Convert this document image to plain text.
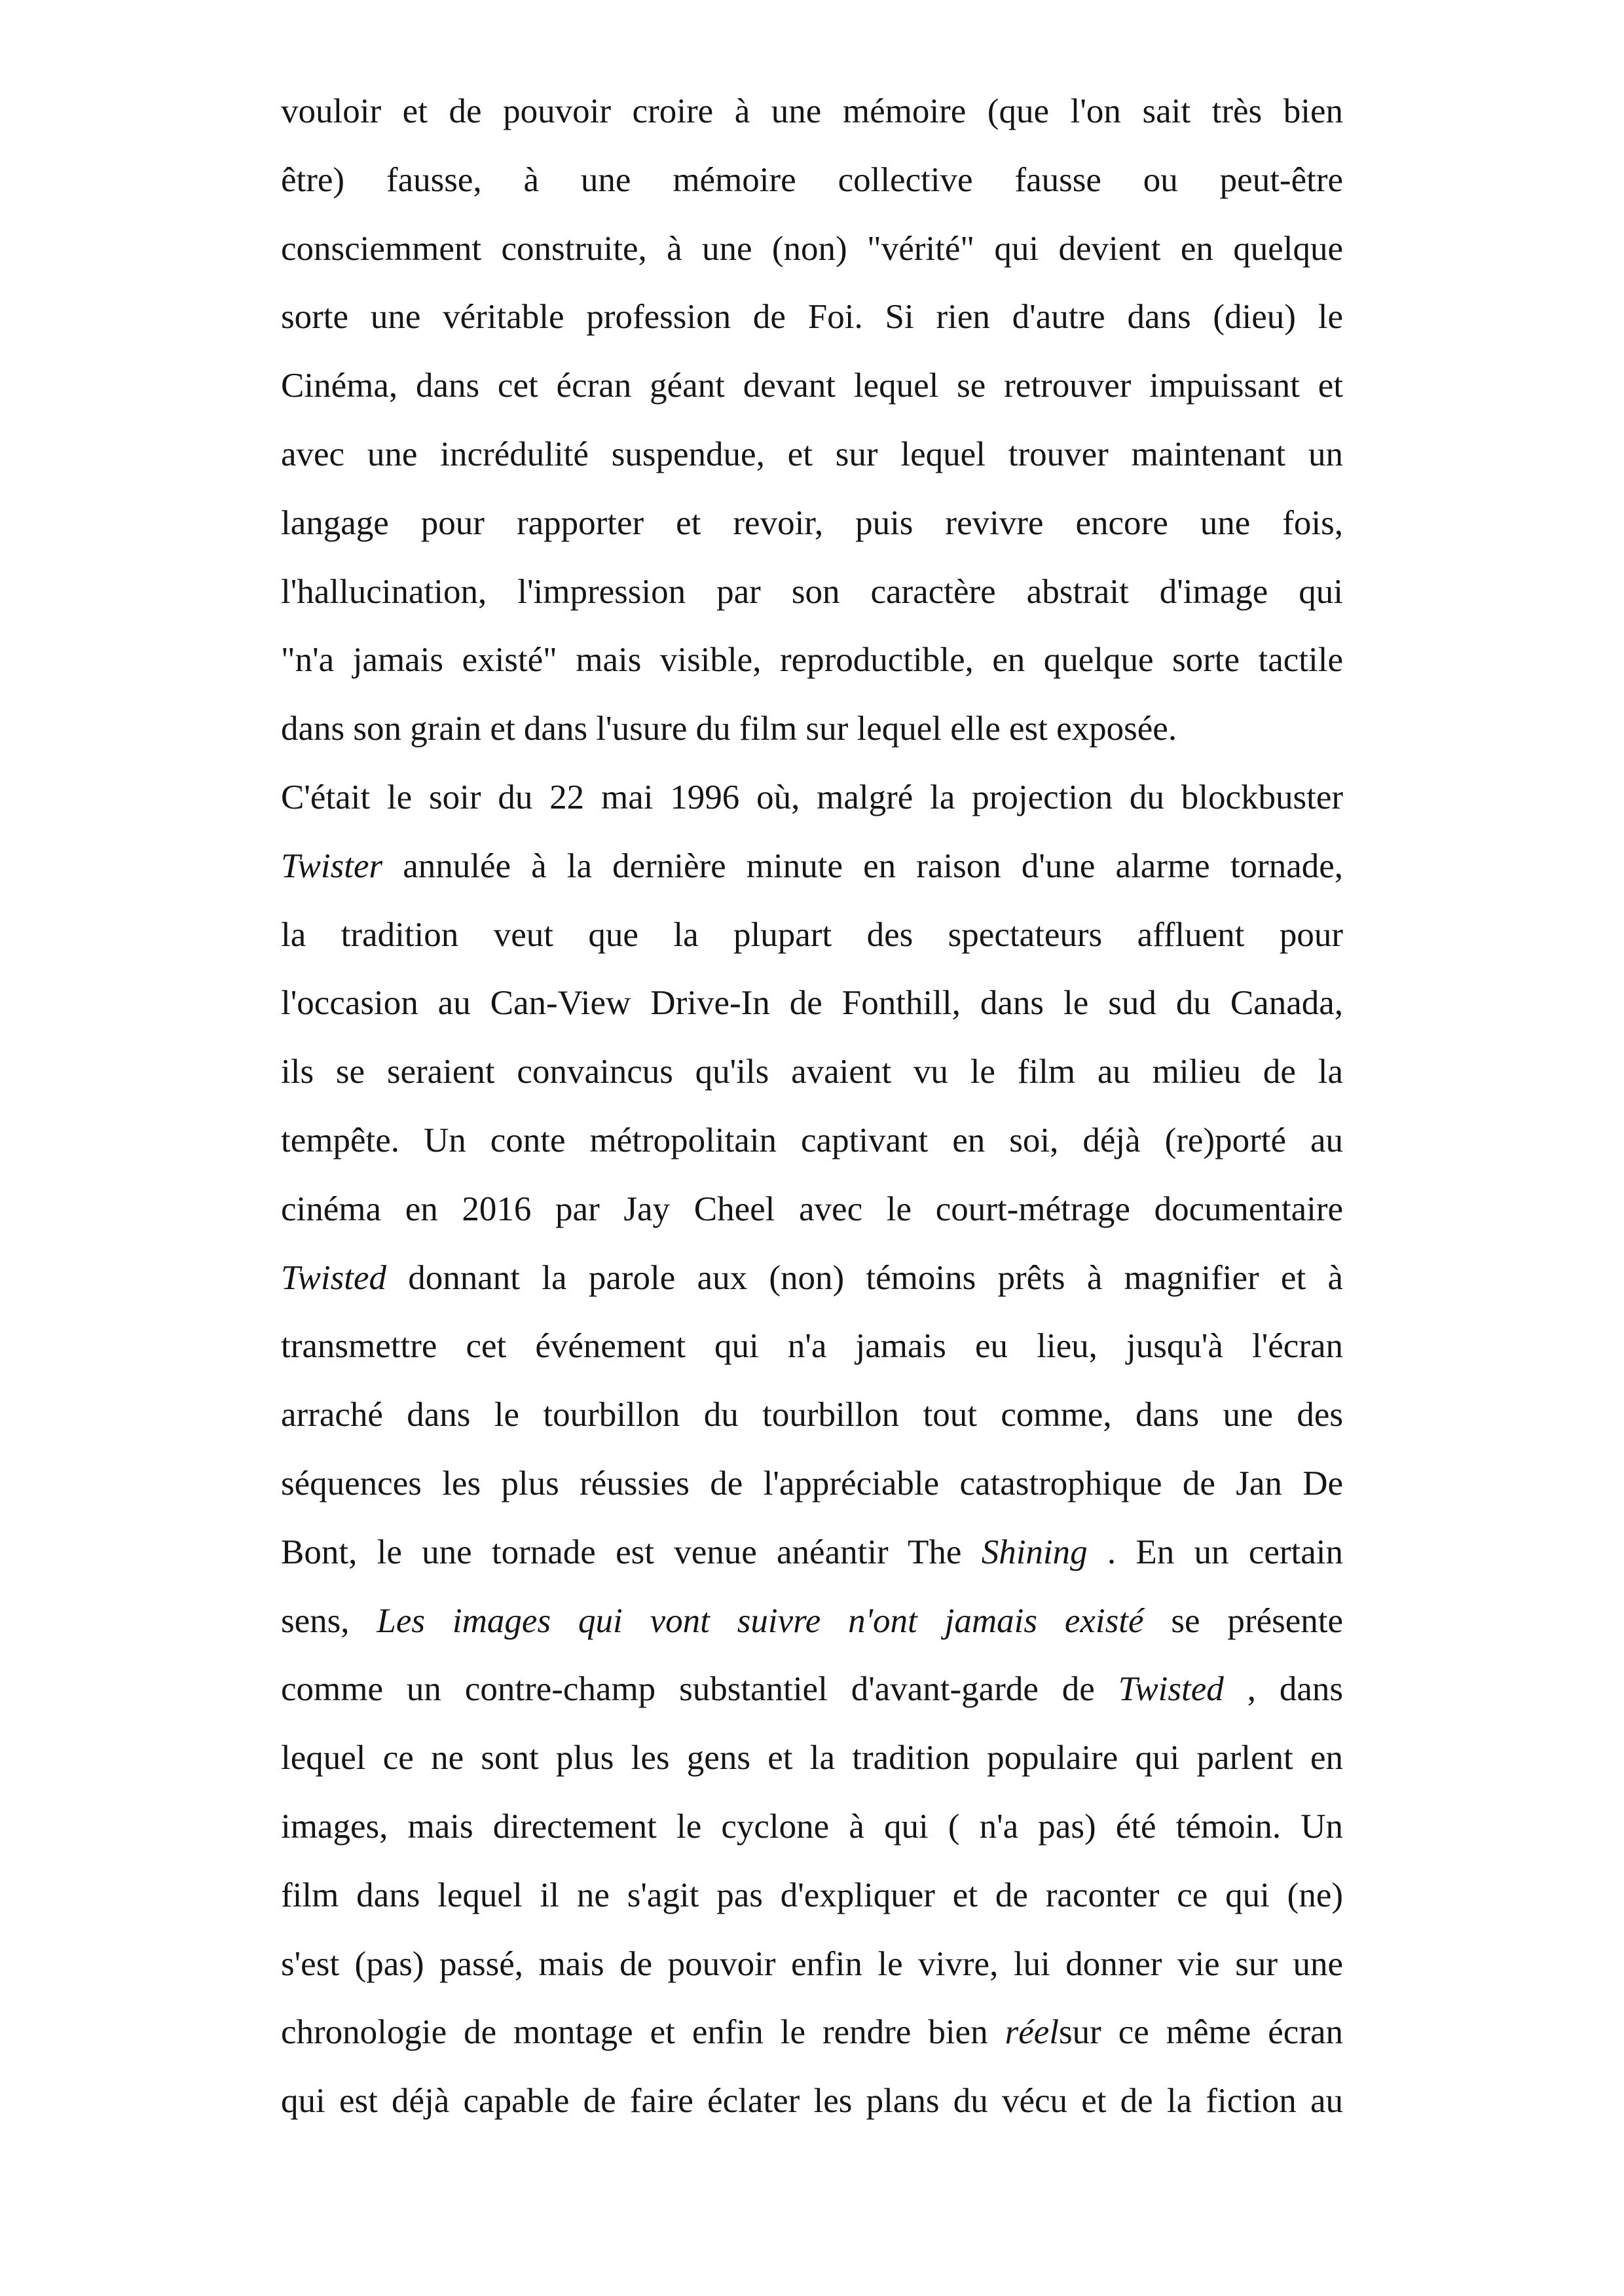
vouloir et de pouvoir croire à une mémoire (que l'on sait très bien
être) fausse, à une mémoire collective fausse ou peut-être
consciemment construite, à une (non) "vérité" qui devient en quelque
sorte une véritable profession de Foi. Si rien d'autre dans (dieu) le
Cinéma, dans cet écran géant devant lequel se retrouver impuissant et
avec une incrédulité suspendue, et sur lequel trouver maintenant un
langage pour rapporter et revoir, puis revivre encore une fois,
l'hallucination, l'impression par son caractère abstrait d'image qui
"n'a jamais existé" mais visible, reproductible, en quelque sorte tactile
dans son grain et dans l'usure du film sur lequel elle est exposée.
C'était le soir du 22 mai 1996 où, malgré la projection du blockbuster
Twister annulée à la dernière minute en raison d'une alarme tornade,
la tradition veut que la plupart des spectateurs affluent pour
l'occasion au Can-View Drive-In de Fonthill, dans le sud du Canada,
ils se seraient convaincus qu'ils avaient vu le film au milieu de la
tempête. Un conte métropolitain captivant en soi, déjà (re)porté au
cinéma en 2016 par Jay Cheel avec le court-métrage documentaire
Twisted donnant la parole aux (non) témoins prêts à magnifier et à
transmettre cet événement qui n'a jamais eu lieu, jusqu'à l'écran
arraché dans le tourbillon du tourbillon tout comme, dans une des
séquences les plus réussies de l'appréciable catastrophique de Jan De
Bont, le une tornade est venue anéantir The Shining . En un certain
sens, Les images qui vont suivre n'ont jamais existé se présente
comme un contre-champ substantiel d'avant-garde de Twisted , dans
lequel ce ne sont plus les gens et la tradition populaire qui parlent en
images, mais directement le cyclone à qui ( n'a pas) été témoin. Un
film dans lequel il ne s'agit pas d'expliquer et de raconter ce qui (ne)
s'est (pas) passé, mais de pouvoir enfin le vivre, lui donner vie sur une
chronologie de montage et enfin le rendre bien réelsur ce même écran
qui est déjà capable de faire éclater les plans du vécu et de la fiction au
